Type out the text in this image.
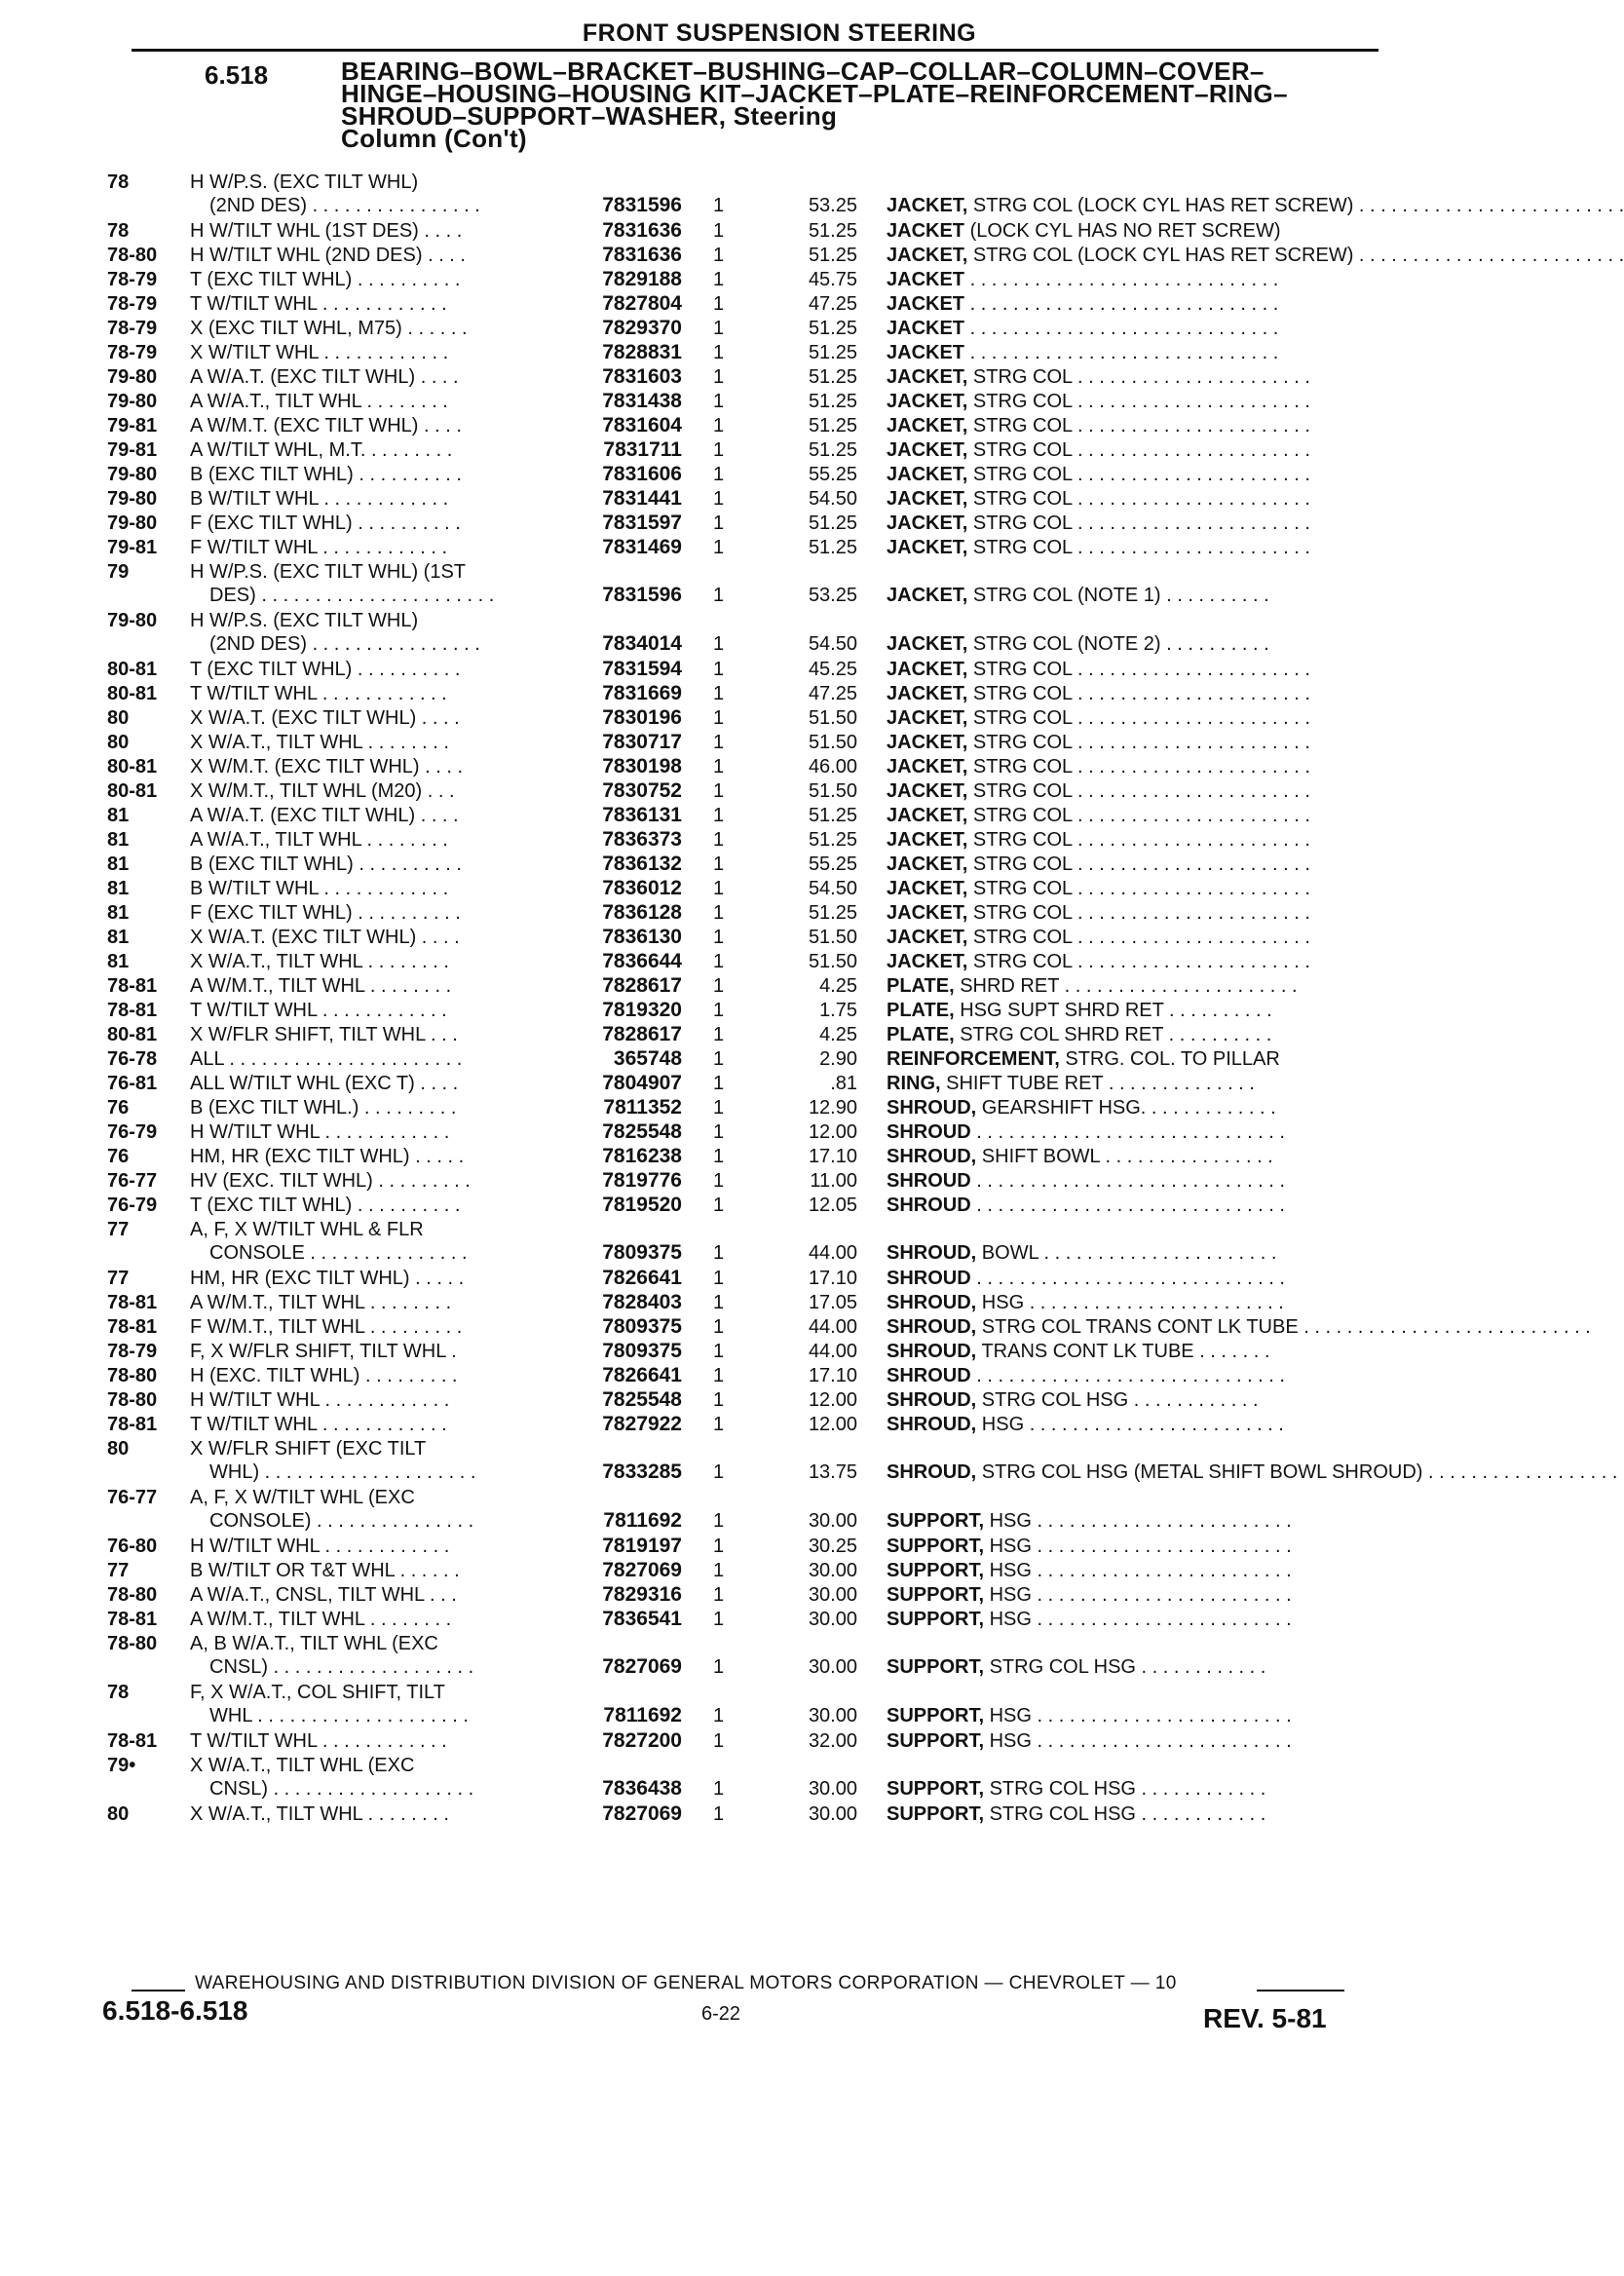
FRONT SUSPENSION STEERING
6.518	BEARING–BOWL–BRACKET–BUSHING–CAP–COLLAR–COLUMN–COVER–HINGE–HOUSING–HOUSING KIT–JACKET–PLATE–REINFORCEMENT–RING–SHROUD–SUPPORT–WASHER, Steering
Column (Con't)
78	H W/P.S. (EXC TILT WHL)
(2ND DES) . . . . . . . . . . . . . . . .	7831596	1	53.25 JACKET, STRG COL (LOCK CYL HAS RET SCREW) . . . . . . . . . . . . . . . . . . . . . . . . .
78	H W/TILT WHL (1ST DES) . . . .	7831636	1	51.25 JACKET (LOCK CYL HAS NO RET SCREW)
78-80	H W/TILT WHL (2ND DES) . . . .	7831636	1	51.25 JACKET, STRG COL (LOCK CYL HAS RET SCREW) . . . . . . . . . . . . . . . . . . . . . . . . .
78-79	T (EXC TILT WHL) . . . . . . . . . .	7829188	1	45.75 JACKET . . . . . . . . . . . . . . . . . . . . . . . . . . . . .
78-79	T W/TILT WHL . . . . . . . . . . . .	7827804	1	47.25 JACKET . . . . . . . . . . . . . . . . . . . . . . . . . . . . .
78-79	X (EXC TILT WHL, M75) . . . . . .	7829370	1	51.25 JACKET . . . . . . . . . . . . . . . . . . . . . . . . . . . . .
78-79	X W/TILT WHL . . . . . . . . . . . .	7828831	1	51.25 JACKET . . . . . . . . . . . . . . . . . . . . . . . . . . . . .
79-80	A W/A.T. (EXC TILT WHL) . . . .	7831603	1	51.25 JACKET, STRG COL . . . . . . . . . . . . . . . . . . . . . .
79-80	A W/A.T., TILT WHL . . . . . . . .	7831438	1	51.25 JACKET, STRG COL . . . . . . . . . . . . . . . . . . . . . .
79-81	A W/M.T. (EXC TILT WHL) . . . .	7831604	1	51.25 JACKET, STRG COL . . . . . . . . . . . . . . . . . . . . . .
79-81	A W/TILT WHL, M.T. . . . . . . . .	7831711	1	51.25 JACKET, STRG COL . . . . . . . . . . . . . . . . . . . . . .
79-80	B (EXC TILT WHL) . . . . . . . . . .	7831606	1	55.25 JACKET, STRG COL . . . . . . . . . . . . . . . . . . . . . .
79-80	B W/TILT WHL . . . . . . . . . . . .	7831441	1	54.50 JACKET, STRG COL . . . . . . . . . . . . . . . . . . . . . .
79-80	F (EXC TILT WHL) . . . . . . . . . .	7831597	1	51.25 JACKET, STRG COL . . . . . . . . . . . . . . . . . . . . . .
79-81	F W/TILT WHL . . . . . . . . . . . .	7831469	1	51.25 JACKET, STRG COL . . . . . . . . . . . . . . . . . . . . . .
79	H W/P.S. (EXC TILT WHL) (1ST
DES) . . . . . . . . . . . . . . . . . . . . . .	7831596	1	53.25 JACKET, STRG COL (NOTE 1) . . . . . . . . . .
79-80	H W/P.S. (EXC TILT WHL)
(2ND DES) . . . . . . . . . . . . . . . .	7834014	1	54.50 JACKET, STRG COL (NOTE 2) . . . . . . . . . .
80-81	T (EXC TILT WHL) . . . . . . . . . .	7831594	1	45.25 JACKET, STRG COL . . . . . . . . . . . . . . . . . . . . . .
80-81	T W/TILT WHL . . . . . . . . . . . .	7831669	1	47.25 JACKET, STRG COL . . . . . . . . . . . . . . . . . . . . . .
80	X W/A.T. (EXC TILT WHL) . . . .	7830196	1	51.50 JACKET, STRG COL . . . . . . . . . . . . . . . . . . . . . .
80	X W/A.T., TILT WHL . . . . . . . .	7830717	1	51.50 JACKET, STRG COL . . . . . . . . . . . . . . . . . . . . . .
80-81	X W/M.T. (EXC TILT WHL) . . . .	7830198	1	46.00 JACKET, STRG COL . . . . . . . . . . . . . . . . . . . . . .
80-81	X W/M.T., TILT WHL (M20) . . .	7830752	1	51.50 JACKET, STRG COL . . . . . . . . . . . . . . . . . . . . . .
81	A W/A.T. (EXC TILT WHL) . . . .	7836131	1	51.25 JACKET, STRG COL . . . . . . . . . . . . . . . . . . . . . .
81	A W/A.T., TILT WHL . . . . . . . .	7836373	1	51.25 JACKET, STRG COL . . . . . . . . . . . . . . . . . . . . . .
81	B (EXC TILT WHL) . . . . . . . . . .	7836132	1	55.25 JACKET, STRG COL . . . . . . . . . . . . . . . . . . . . . .
81	B W/TILT WHL . . . . . . . . . . . .	7836012	1	54.50 JACKET, STRG COL . . . . . . . . . . . . . . . . . . . . . .
81	F (EXC TILT WHL) . . . . . . . . . .	7836128	1	51.25 JACKET, STRG COL . . . . . . . . . . . . . . . . . . . . . .
81	X W/A.T. (EXC TILT WHL) . . . .	7836130	1	51.50 JACKET, STRG COL . . . . . . . . . . . . . . . . . . . . . .
81	X W/A.T., TILT WHL . . . . . . . .	7836644	1	51.50 JACKET, STRG COL . . . . . . . . . . . . . . . . . . . . . .
78-81	A W/M.T., TILT WHL . . . . . . . .	7828617	1	4.25 PLATE, SHRD RET . . . . . . . . . . . . . . . . . . . . . .
78-81	T W/TILT WHL . . . . . . . . . . . .	7819320	1	1.75 PLATE, HSG SUPT SHRD RET . . . . . . . . . .
80-81	X W/FLR SHIFT, TILT WHL . . .	7828617	1	4.25 PLATE, STRG COL SHRD RET . . . . . . . . . .
76-78	ALL . . . . . . . . . . . . . . . . . . . . . .	365748	1	2.90 REINFORCEMENT, STRG. COL. TO PILLAR
76-81	ALL W/TILT WHL (EXC T) . . . .	7804907	1	.81 RING, SHIFT TUBE RET . . . . . . . . . . . . . .
76	B (EXC TILT WHL.) . . . . . . . . .	7811352	1	12.90 SHROUD, GEARSHIFT HSG. . . . . . . . . . . . .
76-79	H W/TILT WHL . . . . . . . . . . . .	7825548	1	12.00 SHROUD . . . . . . . . . . . . . . . . . . . . . . . . . . . . .
76	HM, HR (EXC TILT WHL) . . . . .	7816238	1	17.10 SHROUD, SHIFT BOWL . . . . . . . . . . . . . . . .
76-77	HV (EXC. TILT WHL) . . . . . . . . .	7819776	1	11.00 SHROUD . . . . . . . . . . . . . . . . . . . . . . . . . . . . .
76-79	T (EXC TILT WHL) . . . . . . . . . .	7819520	1	12.05 SHROUD . . . . . . . . . . . . . . . . . . . . . . . . . . . . .
77	A, F, X W/TILT WHL & FLR
CONSOLE . . . . . . . . . . . . . . .	7809375	1	44.00 SHROUD, BOWL . . . . . . . . . . . . . . . . . . . . . .
77	HM, HR (EXC TILT WHL) . . . . .	7826641	1	17.10 SHROUD . . . . . . . . . . . . . . . . . . . . . . . . . . . . .
78-81	A W/M.T., TILT WHL . . . . . . . .	7828403	1	17.05 SHROUD, HSG . . . . . . . . . . . . . . . . . . . . . . . .
78-81	F W/M.T., TILT WHL . . . . . . . . .	7809375	1	44.00 SHROUD, STRG COL TRANS CONT LK TUBE . . . . . . . . . . . . . . . . . . . . . . . . . . .
78-79	F, X W/FLR SHIFT, TILT WHL .	7809375	1	44.00 SHROUD, TRANS CONT LK TUBE . . . . . . .
78-80	H (EXC. TILT WHL) . . . . . . . . .	7826641	1	17.10 SHROUD . . . . . . . . . . . . . . . . . . . . . . . . . . . . .
78-80	H W/TILT WHL . . . . . . . . . . . .	7825548	1	12.00 SHROUD, STRG COL HSG . . . . . . . . . . . .
78-81	T W/TILT WHL . . . . . . . . . . . .	7827922	1	12.00 SHROUD, HSG . . . . . . . . . . . . . . . . . . . . . . . .
80	X W/FLR SHIFT (EXC TILT
WHL) . . . . . . . . . . . . . . . . . . . .	7833285	1	13.75 SHROUD, STRG COL HSG (METAL SHIFT BOWL SHROUD) . . . . . . . . . . . . . . . . . .
76-77	A, F, X W/TILT WHL (EXC
CONSOLE) . . . . . . . . . . . . . . .	7811692	1	30.00 SUPPORT, HSG . . . . . . . . . . . . . . . . . . . . . . . .
76-80	H W/TILT WHL . . . . . . . . . . . .	7819197	1	30.25 SUPPORT, HSG . . . . . . . . . . . . . . . . . . . . . . . .
77	B W/TILT OR T&T WHL . . . . . .	7827069	1	30.00 SUPPORT, HSG . . . . . . . . . . . . . . . . . . . . . . . .
78-80	A W/A.T., CNSL, TILT WHL . . .	7829316	1	30.00 SUPPORT, HSG . . . . . . . . . . . . . . . . . . . . . . . .
78-81	A W/M.T., TILT WHL . . . . . . . .	7836541	1	30.00 SUPPORT, HSG . . . . . . . . . . . . . . . . . . . . . . . .
78-80	A, B W/A.T., TILT WHL (EXC
CNSL) . . . . . . . . . . . . . . . . . . .	7827069	1	30.00 SUPPORT, STRG COL HSG . . . . . . . . . . . .
78	F, X W/A.T., COL SHIFT, TILT
WHL . . . . . . . . . . . . . . . . . . . .	7811692	1	30.00 SUPPORT, HSG . . . . . . . . . . . . . . . . . . . . . . . .
78-81	T W/TILT WHL . . . . . . . . . . . .	7827200	1	32.00 SUPPORT, HSG . . . . . . . . . . . . . . . . . . . . . . . .
79•	X W/A.T., TILT WHL (EXC
CNSL) . . . . . . . . . . . . . . . . . . .	7836438	1	30.00 SUPPORT, STRG COL HSG . . . . . . . . . . . .
80	X W/A.T., TILT WHL . . . . . . . .	7827069	1	30.00 SUPPORT, STRG COL HSG . . . . . . . . . . . .
WAREHOUSING AND DISTRIBUTION DIVISION OF GENERAL MOTORS CORPORATION — CHEVROLET — 10
6.518-6.518	6-22	REV. 5-81
